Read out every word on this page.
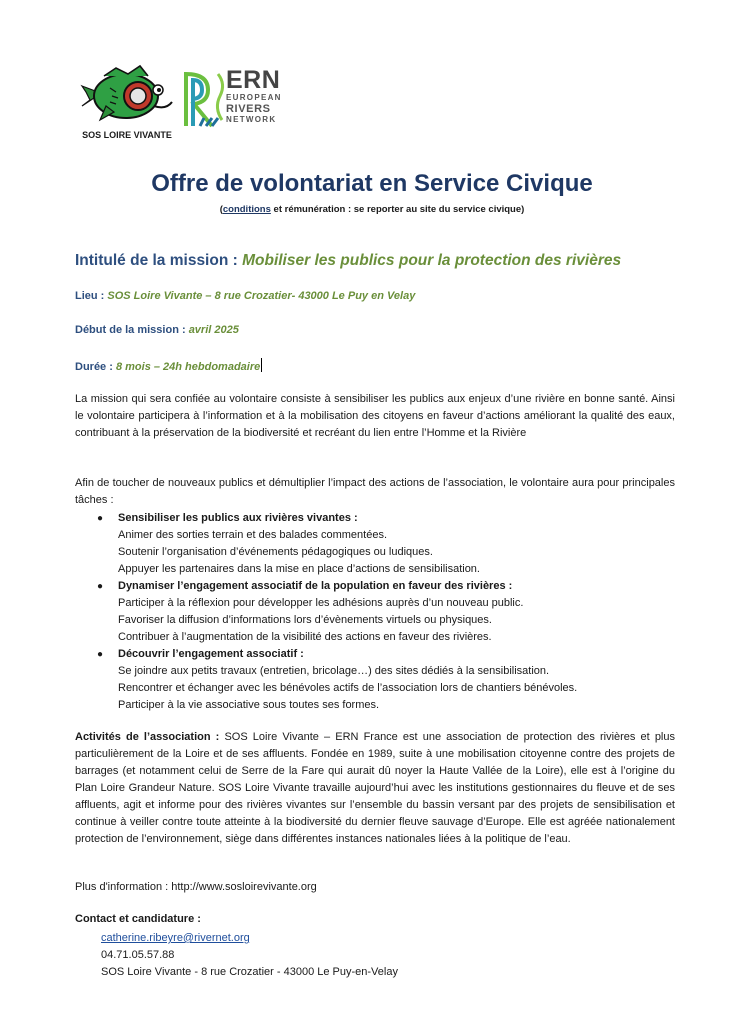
SOS LOIRE VIVANTE
ERN
EUROPEAN
RIVERS
NETWORK
Offre de volontariat en Service Civique
(conditions et rémunération : se reporter au site du service civique)
Intitulé de la mission : Mobiliser les publics pour la protection des rivières
Lieu : SOS Loire Vivante – 8 rue Crozatier- 43000 Le Puy en Velay
Début de la mission : avril 2025
Durée : 8 mois – 24h hebdomadaire
La mission qui sera confiée au volontaire consiste à sensibiliser les publics aux enjeux d’une rivière en bonne santé. Ainsi le volontaire participera à l’information et à la mobilisation des citoyens en faveur d’actions améliorant la qualité des eaux, contribuant à la préservation de la biodiversité et recréant du lien entre l’Homme et la Rivière
Afin de toucher de nouveaux publics et démultiplier l’impact des actions de l’association, le volontaire aura pour principales tâches :
● Sensibiliser les publics aux rivières vivantes :
Animer des sorties terrain et des balades commentées.
Soutenir l’organisation d’événements pédagogiques ou ludiques.
Appuyer les partenaires dans la mise en place d’actions de sensibilisation.
● Dynamiser l’engagement associatif de la population en faveur des rivières :
Participer à la réflexion pour développer les adhésions auprès d’un nouveau public.
Favoriser la diffusion d’informations lors d’évènements virtuels ou physiques.
Contribuer à l’augmentation de la visibilité des actions en faveur des rivières.
● Découvrir l’engagement associatif :
Se joindre aux petits travaux (entretien, bricolage…) des sites dédiés à la sensibilisation.
Rencontrer et échanger avec les bénévoles actifs de l’association lors de chantiers bénévoles.
Participer à la vie associative sous toutes ses formes.
Activités de l’association : SOS Loire Vivante – ERN France est une association de protection des rivières et plus particulièrement de la Loire et de ses affluents. Fondée en 1989, suite à une mobilisation citoyenne contre des projets de barrages (et notamment celui de Serre de la Fare qui aurait dû noyer la Haute Vallée de la Loire), elle est à l’origine du Plan Loire Grandeur Nature. SOS Loire Vivante travaille aujourd’hui avec les institutions gestionnaires du fleuve et de ses affluents, agit et informe pour des rivières vivantes sur l’ensemble du bassin versant par des projets de sensibilisation et continue à veiller contre toute atteinte à la biodiversité du dernier fleuve sauvage d’Europe. Elle est agréée nationalement protection de l’environnement, siège dans différentes instances nationales liées à la politique de l’eau.
Plus d'information : http://www.sosloirevivante.org
Contact et candidature :
catherine.ribeyre@rivernet.org
04.71.05.57.88
SOS Loire Vivante - 8 rue Crozatier - 43000 Le Puy-en-Velay
